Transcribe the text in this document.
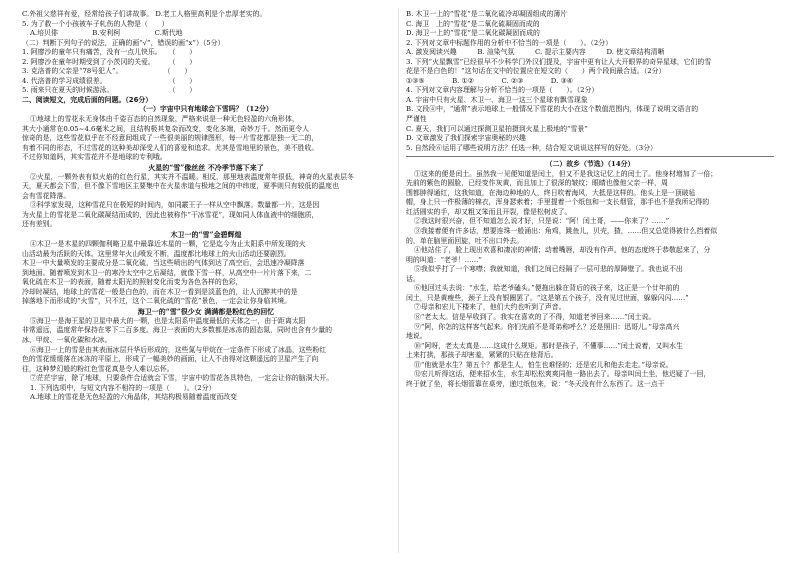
C.外祖父慈祥有爱，经常给孩子们讲故事。 D.老工人格里高利是个忠厚老实的。
5. 为了救一个小孩被车子轧伤的人物是（　　）
A.培贝俳　　　　　B.安利柯　　　　　C.斯代地
（二）判断下列句子的说法，正确的画“√”，错误的画“x”）（5分）
1. 阿廖沙的童年只有痛苦，没有一点儿快乐。　　（　　）
2. 阿廖沙在童年时期受到了小茨冈的关爱。　　　（　　）
3. 克洛普的父亲是“78号犯人”。　　　　　　　（　　）
4. 代洛普的学习成绩很差。　　　　　　　　　　（　　）
5. 雨来只在夏天的时候游泳。　　　　　　　　　（　　）
二、阅读短文，完成后面的问题。（26分）
（一）宇宙中只有地球会下雪吗？（12分）
①地球上的雪花永无身体由千姿百态的自然现象，严格来说是一种无色轻盈的六角形体，
其大小通常在0.05~4.6毫米之间，且结构极其复杂而改变，变化多端，奇妙万千。然而更令人
惊奇的是，这些雪花似乎在不经意间组成了一些很美丽的规律图形，每一片雪花都是独一无二的，
有着不同的形态，不过雪花的这种美却深受人们的喜爱和追求。尤其是雪地里的景色，美不胜收。
不过你知道吗，其实雪花并不是地球的专利哦。
火星的“雪”像丝丝 不冷季节落下来了
②火星，一颗外表有似火焰的红色行星，其实并不温暖。相反，那里地表温度常年很低，神奇的火星表层冬
天，夏天都会下雪，但不像下雪地区主要集中在火星赤道与极地之间的中纬度，夏季则只有较低的温度也
会有雪花降落。
③科学家发现，这种雪花只在极短的时间内，如同霰王子一样从空中飘落。数量都一片，这是因
为火星上的雪花是二氧化碳凝结而成的，因此也被称作“干冰雪花”，现如同人体血液中的细胞质，
还有差别。
木卫一的“雪”金碧辉煌
④木卫一是木星的四颗伽利略卫星中最靠近木星的一颗，它是迄今为止太阳系中所发现的火
山活动最为活跃的天体。这里常年火山喷发不断，温度都比地球上的火山活动还要剧烈。
木卫一中大量喷发的主要成分是二氧化硫，当这些喷出的气体到达了高空后，会迅速冷凝降落
到地面。随着喷发到木卫一的寒冷太空中之后凝结，就像下雪一样，从高空中一片片落下来，二
氧化硫在木卫一的表面，随着太阳光的照射变化而变为各色各样的色彩，
冷却时凝结，地球上的雪花一般是白色的，而在木卫一看到是淡蓝色的，让人沉醉其中的是
掉落地下而形成的“火雪”，只不过，这个二氧化硫的“雪花”景色，一定会让你身临其境。
海卫一的“雪”很少女 满满都是粉红色的回忆
⑤海卫一是海王星的卫星中最大的一颗，也是太阳系中温度最低的天体之一，由于距离太阳
非常遥远，温度常年保持在零下二百多度。海卫一表面的大多数都是冰冻的固态氮，同时也含有少量的
冰、甲烷、一氧化碳和水冰。
⑥海卫一上的雪是由其表面冰层升华后形成的，这些氮与甲烷在一定条件下形成了冰晶，这些粉红
色的雪花缓缓落在冰冻的平原上，形成了一幅美妙的画面，让人不由得对这颗遥远的卫星产生了向
往，这种梦幻般的粉红色雪花真是令人难以忘怀。
⑦茫茫宇宙，除了地球，只要条件合适就会下雪，宇宙中的雪花各具特色，一定会让你的脑洞大开。
1. 下列选项中，与短文内容不相符的一项是（　　）。（2分）
A.地球上的雪花是无色轻盈的六角晶体，其结构极易随着温度而改变
B. 木卫一上的“雪花”是二氧化硫冷却凝固组成的薄片
C. 海卫　上的“雪花”是二氧化硫凝固而成的
D. 海卫一上的“雪花”是二氧化碳凝固而成的
2. 下列对文章中标题作用的分析中不恰当的一项是（　　）。（2分）
A. 激发阅读兴趣　　　B. 渲染气氛　　　C. 提示主要内容　　　D. 使文章结构清晰
3. 下列“火星飘雪”已经很早不少科学门外汉们提及，宇宙中更有让人大开眼界的奇异星球，它们的雪
花是不是白色的！”这句话在文中的位置应在短文的（　　）两个段间最合适。（2分）
①③⑤　　　　B. ①②　　　　C. ②③　　　　D. ③④
4. 下列对文章内容理解与分析不恰当的一项是（　　）。（2分）
A. 宇宙中只有火星、木卫一、海卫一这三个星球有飘雪现象
B. 文段④中，“通常”表示地球上一般情况下雪花的大小在这个数值范围内，体现了说明文语言的
严谨性
C. 夏天，我们可以通过探测卫星拍摄到火星上极地的“雪景”
D. 文章激发了我们探索宇宙奥秘的兴趣
5. 自然段⑥运用了哪些说明方法？任选一种，结合短文说说这样写的好处。（3分）
（二）故乡（节选）（14分）
①这来的便是闰土。虽然我一见便知道是闰土，但又不是我这记忆上的闰土了。他身材增加了一倍；
先前的紫色的圆脸，已经变作灰黄，而且加上了很深的皱纹；眼睛也像他父亲一样，周
围都肿得通红，这我知道，在海边种地的人，终日吹着海风，大抵是这样的。他头上是一顶破毡
帽，身上只一件极薄的棉衣，浑身瑟索着；手里提着一个纸包和一支长烟管，那手也不是我所记得的
红活圆实的手，却又粗又笨而且开裂，像是松树皮了。
②我这时很兴奋，但不知道怎么说才好，只是说：“阿！闰土哥，——你来了？……”
③我接着便有许多话，想要连珠一般涌出：角鸡，跳鱼儿，贝壳，猹，……但又总觉得被什么挡着似
的，单在脑里面回旋，吐不出口外去。
④他站住了，脸上现出欢喜和凄凉的神情；动着嘴唇，却没有作声。他的态度终于恭敬起来了，分
明的叫道：“老爷！……”
⑤我似乎打了一个寒噤；我就知道，我们之间已经隔了一层可悲的厚障壁了。我也说不出
话。
⑥他回过头去说：“水生，给老爷磕头。”便拖出躲在背后的孩子来，这正是一个廿年前的
闰土，只是黄瘦些，颈子上没有银圈罢了。“这是第五个孩子，没有见过世面，躲躲闪闪……”
⑦母亲和宏儿下楼来了，他们大约也听到了声音。
⑧“老太太。信是早收到了。我实在喜欢的了不得，知道老爷回来……”闰土说。
⑨“阿，你怎的这样客气起来。你们先前不是哥弟称呼么？还是照旧：迅哥儿。”母亲高兴
地说。
⑩“阿呀，老太太真是……这成什么规矩。那时是孩子，不懂事……”闰土说着，又叫水生
上来打拱，那孩子却害羞，紧紧的只贴在他背后。
⑪“他就是水生？第五个？都是生人，怕生也难怪的；还是宏儿和他去走走。”母亲说。
⑫宏儿听得这话，便来招水生，水生却松松爽爽同他一路出去了。母亲叫闰土坐，他迟疑了一回，
终于就了坐，将长烟管靠在桌旁，递过纸包来，说：“冬天没有什么东西了。这一点干
